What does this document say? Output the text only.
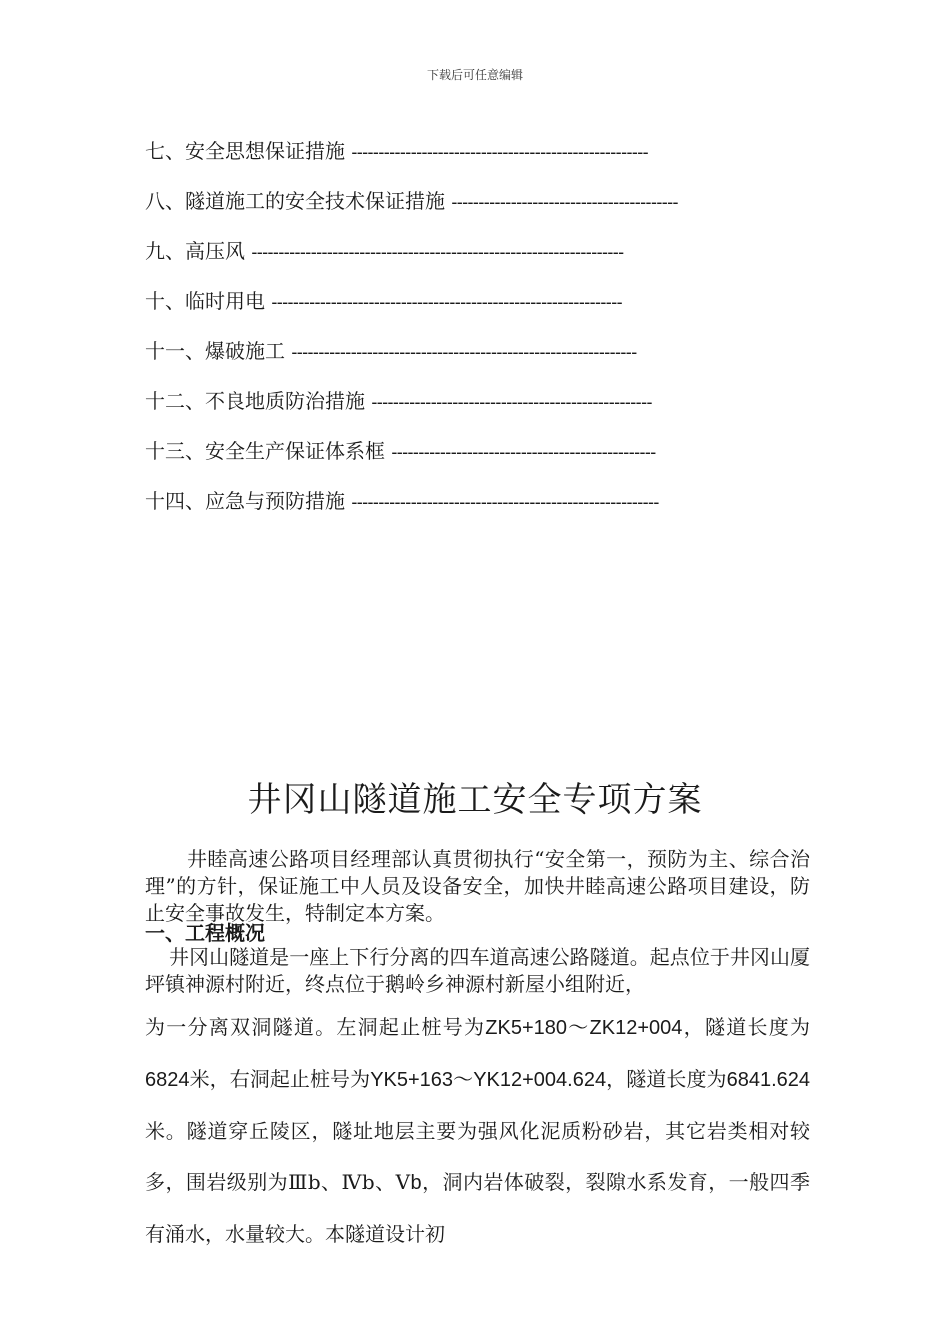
下载后可任意编辑
七、安全思想保证措施 -------------------------------------------------------
八、隧道施工的安全技术保证措施 ------------------------------------------
九、高压风 ---------------------------------------------------------------------
十、临时用电 -----------------------------------------------------------------
十一、爆破施工 ----------------------------------------------------------------
十二、不良地质防治措施 ----------------------------------------------------
十三、安全生产保证体系框 -------------------------------------------------
十四、应急与预防措施 ---------------------------------------------------------
井冈山隧道施工安全专项方案

井睦高速公路项目经理部认真贯彻执行“安全第一，预防为主、综合治理”的方针，保证施工中人员及设备安全，加快井睦高速公路项目建设，防止安全事故发生，特制定本方案。

一、工程概况

井冈山隧道是一座上下行分离的四车道高速公路隧道。起点位于井冈山厦坪镇神源村附近，终点位于鹅岭乡神源村新屋小组附近，

为一分离双洞隧道。左洞起止桩号为ZK5+180～ZK12+004，隧道长度为6824米，右洞起止桩号为YK5+163～YK12+004.624，隧道长度为6841.624米。隧道穿丘陵区，隧址地层主要为强风化泥质粉砂岩，其它岩类相对较多，围岩级别为Ⅲb、Ⅳb、Ⅴb，洞内岩体破裂，裂隙水系发育，一般四季有涌水，水量较大。本隧道设计初
